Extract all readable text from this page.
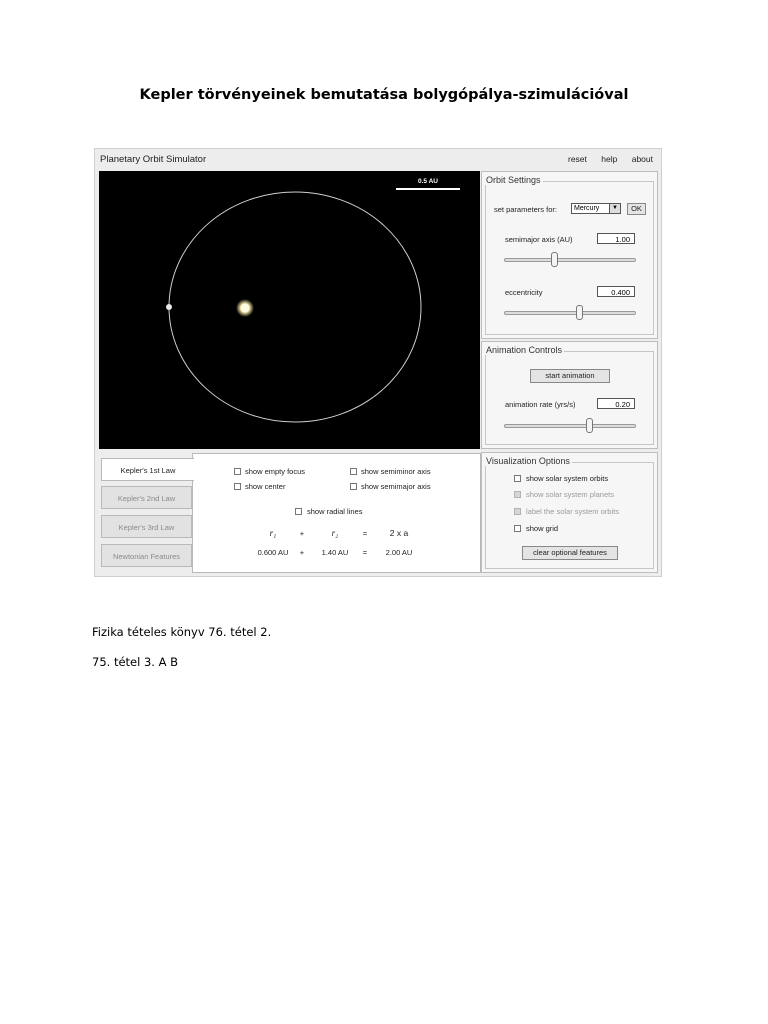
Kepler törvényeinek bemutatása bolygópálya-szimulációval
Planetary Orbit Simulator	reset help about
0.5 AU	Orbit Settings
set parameters for:	Mercury	▼	OK
semimajor axis (AU)	1.00
eccentricity	0.400
Animation Controls
start animation
animation rate (yrs/s)	0.20
Visualization Options
show solar system orbits
show solar system planets
label the solar system orbits
show grid
clear optional features
Kepler's 1st Law
Kepler's 2nd Law
Kepler's 3rd Law
Newtonian Features
show empty focus
show center
show semiminor axis
show semimajor axis
show radial lines
r₁	+	r₂	=	2 x a
0.600 AU	+	1.40 AU	=	2.00 AU
Fizika tételes könyv 76. tétel 2.
75. tétel 3. A B
